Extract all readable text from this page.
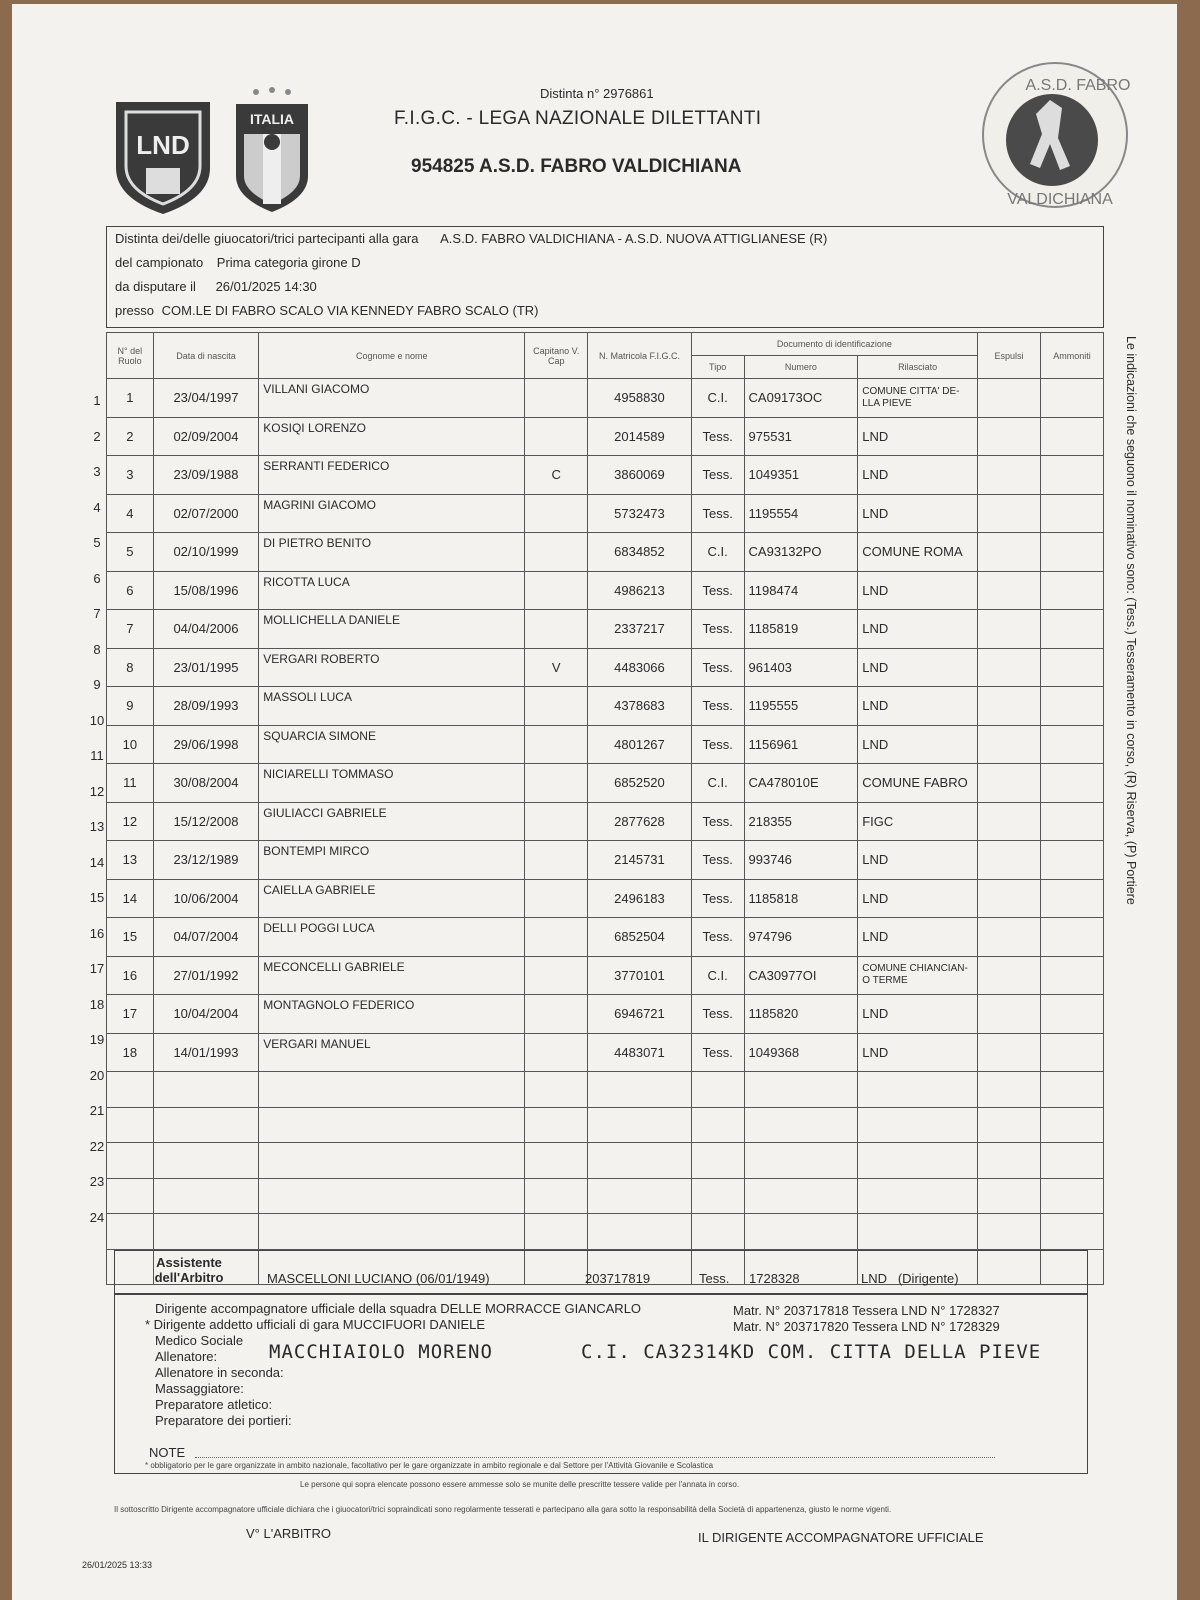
LND
ITALIA
A.S.D. FABRO
VALDICHIANA
Distinta n° 2976861
F.I.G.C. - LEGA NAZIONALE DILETTANTI
954825 A.S.D. FABRO VALDICHIANA
Distinta dei/delle giuocatori/trici partecipanti alla gara A.S.D. FABRO VALDICHIANA - A.S.D. NUOVA ATTIGLIANESE (R)
del campionato Prima categoria girone D
da disputare il 26/01/2025 14:30
presso COM.LE DI FABRO SCALO VIA KENNEDY FABRO SCALO (TR)
1
2
3
4
5
6
7
8
9
10
11
12
13
14
15
16
17
18
19
20
21
22
23
24
N° del Ruolo	Data di nascita	Cognome e nome	Capitano V. Cap	N. Matricola F.I.G.C.	Documento di identificazione			Espulsi	Ammoniti
					Tipo	Numero	Rilasciato		
1	23/04/1997	VILLANI GIACOMO		4958830	C.I.	CA09173OC	COMUNE CITTA' DE-LLA PIEVE		
2	02/09/2004	KOSIQI LORENZO		2014589	Tess.	975531	LND		
3	23/09/1988	SERRANTI FEDERICO	C	3860069	Tess.	1049351	LND		
4	02/07/2000	MAGRINI GIACOMO		5732473	Tess.	1195554	LND		
5	02/10/1999	DI PIETRO BENITO		6834852	C.I.	CA93132PO	COMUNE ROMA		
6	15/08/1996	RICOTTA LUCA		4986213	Tess.	1198474	LND		
7	04/04/2006	MOLLICHELLA DANIELE		2337217	Tess.	1185819	LND		
8	23/01/1995	VERGARI ROBERTO	V	4483066	Tess.	961403	LND		
9	28/09/1993	MASSOLI LUCA		4378683	Tess.	1195555	LND		
10	29/06/1998	SQUARCIA SIMONE		4801267	Tess.	1156961	LND		
11	30/08/2004	NICIARELLI TOMMASO		6852520	C.I.	CA478010E	COMUNE FABRO		
12	15/12/2008	GIULIACCI GABRIELE		2877628	Tess.	218355	FIGC		
13	23/12/1989	BONTEMPI MIRCO		2145731	Tess.	993746	LND		
14	10/06/2004	CAIELLA GABRIELE		2496183	Tess.	1185818	LND		
15	04/07/2004	DELLI POGGI LUCA		6852504	Tess.	974796	LND		
16	27/01/1992	MECONCELLI GABRIELE		3770101	C.I.	CA30977OI	COMUNE CHIANCIAN-O TERME		
17	10/04/2004	MONTAGNOLO FEDERICO		6946721	Tess.	1185820	LND		
18	14/01/1993	VERGARI MANUEL		4483071	Tess.	1049368	LND		

Assistente dell'Arbitro	MASCELLONI LUCIANO (06/01/1949)	203717819	Tess. 1728328	LND   (Dirigente)
Dirigente accompagnatore ufficiale della squadra DELLE MORRACCE GIANCARLO	Matr. N° 203717818 Tessera LND N° 1728327
* Dirigente addetto ufficiali di gara MUCCIFUORI DANIELE	Matr. N° 203717820 Tessera LND N° 1728329
Medico Sociale
Allenatore:	MACCHIAIOLO MORENO	C.I. CA32314KD COM. CITTA DELLA PIEVE
Allenatore in seconda:
Massaggiatore:
Preparatore atletico:
Preparatore dei portieri:
NOTE
* obbligatorio per le gare organizzate in ambito nazionale, facoltativo per le gare organizzate in ambito regionale e dal Settore per l'Attività Giovanile e Scolastica
Le persone qui sopra elencate possono essere ammesse solo se munite delle prescritte tessere valide per l'annata in corso.
Il sottoscritto Dirigente accompagnatore ufficiale dichiara che i giuocatori/trici sopraindicati sono regolarmente tesserati e partecipano alla gara sotto la responsabilità della Società di appartenenza, giusto le norme vigenti.
V° L'ARBITRO	IL DIRIGENTE ACCOMPAGNATORE UFFICIALE
26/01/2025 13:33
Le indicazioni che seguono il nominativo sono: (Tess.) Tesseramento in corso, (R) Riserva, (P) Portiere
